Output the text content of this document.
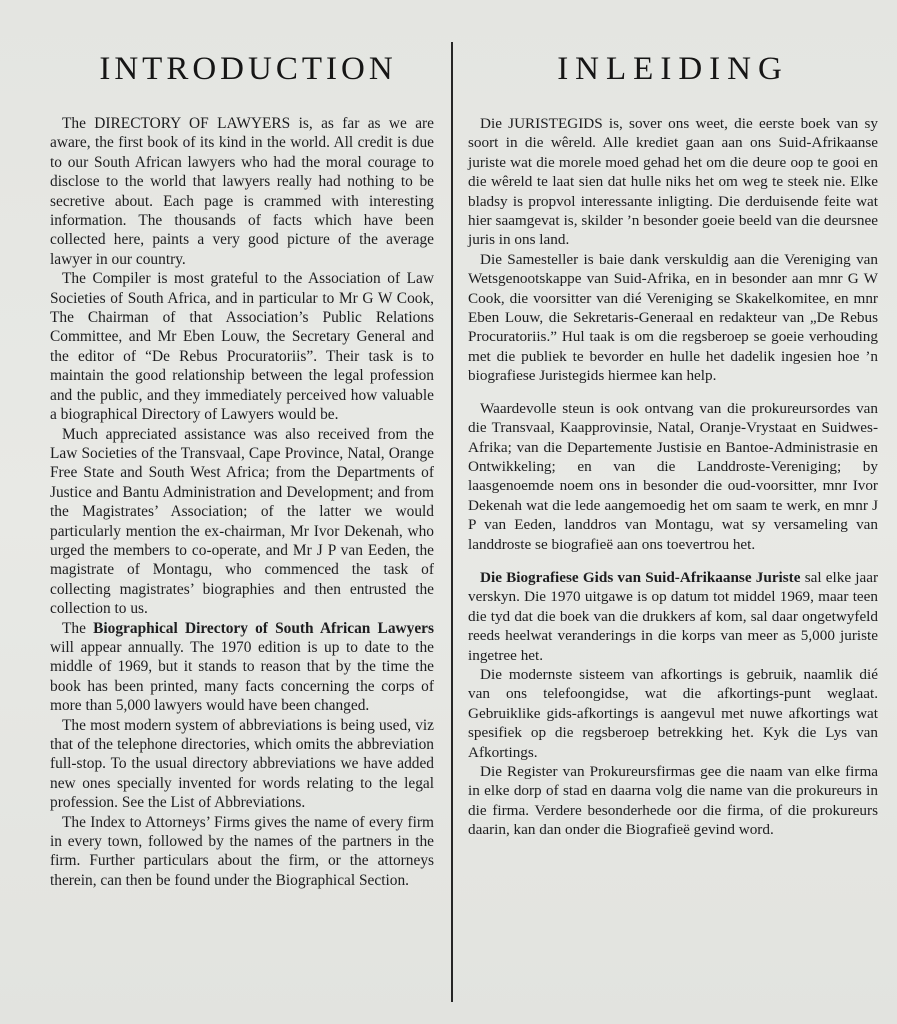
INTRODUCTION

The DIRECTORY OF LAWYERS is, as far as we are aware, the first book of its kind in the world. All credit is due to our South African lawyers who had the moral courage to disclose to the world that lawyers really had nothing to be secretive about. Each page is crammed with interesting information. The thousands of facts which have been collected here, paints a very good picture of the average lawyer in our country.

The Compiler is most grateful to the Association of Law Societies of South Africa, and in particular to Mr G W Cook, The Chairman of that Association’s Public Relations Committee, and Mr Eben Louw, the Secretary General and the editor of “De Rebus Procuratoriis”. Their task is to maintain the good relationship between the legal profession and the public, and they immediately perceived how valuable a biographical Directory of Lawyers would be.

Much appreciated assistance was also received from the Law Societies of the Transvaal, Cape Province, Natal, Orange Free State and South West Africa; from the Departments of Justice and Bantu Administration and Development; and from the Magistrates’ Association; of the latter we would particularly mention the ex-chairman, Mr Ivor Dekenah, who urged the members to co-operate, and Mr J P van Eeden, the magistrate of Montagu, who commenced the task of collecting magistrates’ biographies and then entrusted the collection to us.

The Biographical Directory of South African Lawyers will appear annually. The 1970 edition is up to date to the middle of 1969, but it stands to reason that by the time the book has been printed, many facts concerning the corps of more than 5,000 lawyers would have been changed.

The most modern system of abbreviations is being used, viz that of the telephone directories, which omits the abbreviation full-stop. To the usual directory abbreviations we have added new ones specially invented for words relating to the legal profession. See the List of Abbreviations.

The Index to Attorneys’ Firms gives the name of every firm in every town, followed by the names of the partners in the firm. Further particulars about the firm, or the attorneys therein, can then be found under the Biographical Section.

INLEIDING

Die JURISTEGIDS is, sover ons weet, die eerste boek van sy soort in die wêreld. Alle krediet gaan aan ons Suid-Afrikaanse juriste wat die morele moed gehad het om die deure oop te gooi en die wêreld te laat sien dat hulle niks het om weg te steek nie. Elke bladsy is propvol interessante inligting. Die derduisende feite wat hier saamgevat is, skilder ’n besonder goeie beeld van die deursnee juris in ons land.

Die Samesteller is baie dank verskuldig aan die Vereniging van Wetsgenootskappe van Suid-Afrika, en in besonder aan mnr G W Cook, die voorsitter van dié Vereniging se Skakelkomitee, en mnr Eben Louw, die Sekretaris-Generaal en redakteur van „De Rebus Procuratoriis.” Hul taak is om die regsberoep se goeie verhouding met die publiek te bevorder en hulle het dadelik ingesien hoe ’n biografiese Juristegids hiermee kan help.

Waardevolle steun is ook ontvang van die prokureursordes van die Transvaal, Kaapprovinsie, Natal, Oranje-Vrystaat en Suidwes-Afrika; van die Departemente Justisie en Bantoe-Administrasie en Ontwikkeling; en van die Landdroste-Vereniging; by laasgenoemde noem ons in besonder die oud-voorsitter, mnr Ivor Dekenah wat die lede aangemoedig het om saam te werk, en mnr J P van Eeden, landdros van Montagu, wat sy versameling van landdroste se biografieë aan ons toevertrou het.

Die Biografiese Gids van Suid-Afrikaanse Juriste sal elke jaar verskyn. Die 1970 uitgawe is op datum tot middel 1969, maar teen die tyd dat die boek van die drukkers af kom, sal daar ongetwyfeld reeds heelwat veranderings in die korps van meer as 5,000 juriste ingetree het.

Die modernste sisteem van afkortings is gebruik, naamlik dié van ons telefoongidse, wat die afkortings-punt weglaat. Gebruiklike gids-afkortings is aangevul met nuwe afkortings wat spesifiek op die regsberoep betrekking het. Kyk die Lys van Afkortings.

Die Register van Prokureursfirmas gee die naam van elke firma in elke dorp of stad en daarna volg die name van die prokureurs in die firma. Verdere besonderhede oor die firma, of die prokureurs daarin, kan dan onder die Biografieë gevind word.
